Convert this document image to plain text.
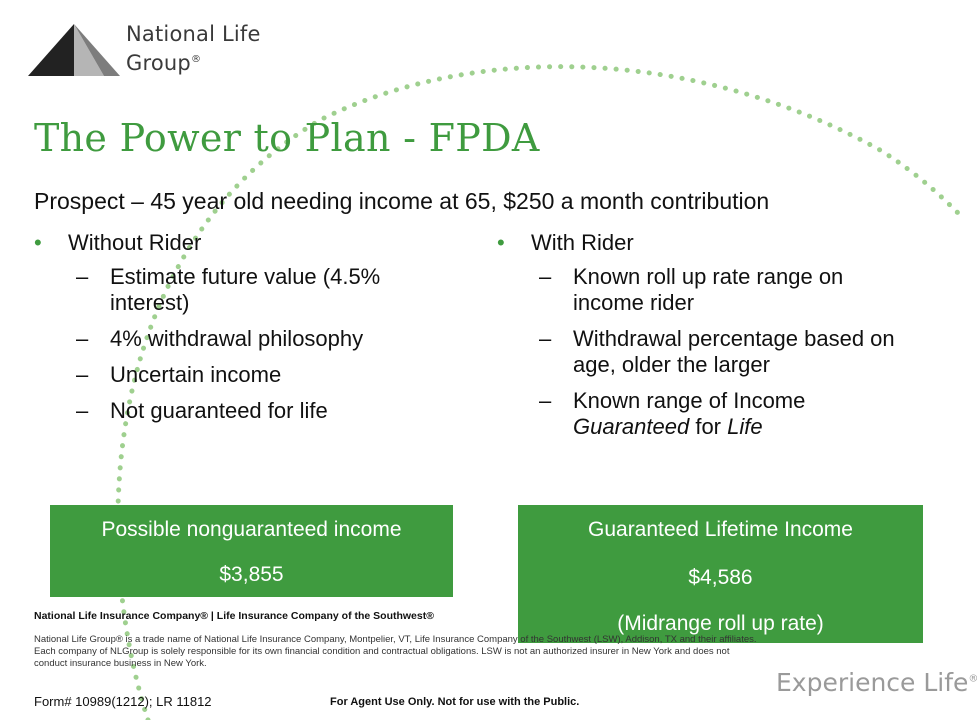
National Life
Group®
The Power to Plan - FPDA
Prospect – 45 year old needing income at 65, $250 a month contribution
• Without Rider
– Estimate future value (4.5% interest)
– 4% withdrawal philosophy
– Uncertain income
– Not guaranteed for life
• With Rider
– Known roll up rate range on income rider
– Withdrawal percentage based on age, older the larger
– Known range of Income Guaranteed for Life
Possible nonguaranteed income
$3,855
Guaranteed Lifetime Income
$4,586
(Midrange roll up rate)
National Life Insurance Company® | Life Insurance Company of the Southwest®
National Life Group® is a trade name of National Life Insurance Company, Montpelier, VT, Life Insurance Company of the Southwest (LSW), Addison, TX and their affiliates. Each company of NLGroup is solely responsible for its own financial condition and contractual obligations. LSW is not an authorized insurer in New York and does not conduct insurance business in New York.
Form# 10989(1212); LR 11812	For Agent Use Only. Not for use with the Public.
Experience Life®
